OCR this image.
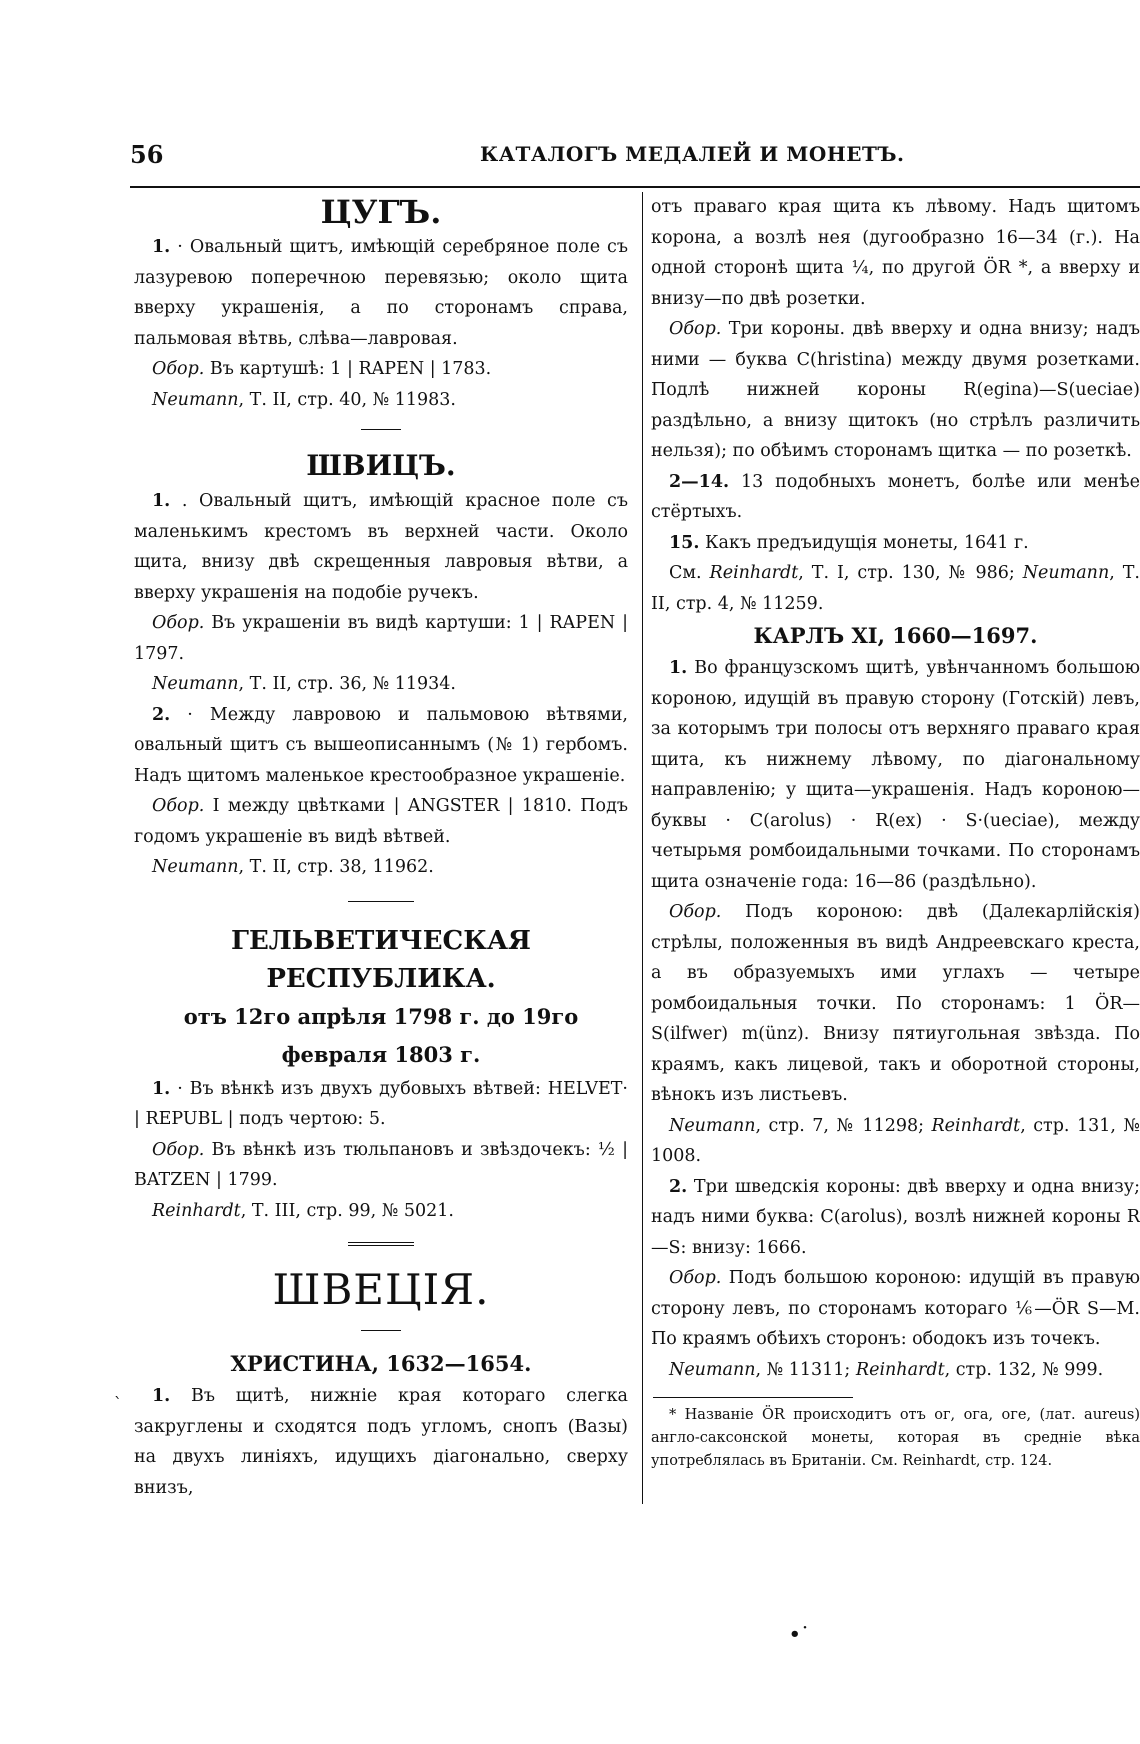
56	КАТАЛОГЪ МЕДАЛЕЙ И МОНЕТЪ.

ЦУГЪ.

1. · Овальный щитъ, имѣющій серебряное поле съ лазуревою поперечною перевязью; около щита вверху украшенія, а по сторонамъ справа, пальмовая вѣтвь, слѣва—лавровая.

Обор. Въ картушѣ: 1 | RAPEN | 1783.

Neumann, Т. II, стр. 40, № 11983.

ШВИЦЪ.

1. . Овальный щитъ, имѣющій красное поле съ маленькимъ крестомъ въ верхней части. Около щита, внизу двѣ скрещенныя лавровыя вѣтви, а вверху украшенія на подобіе ручекъ.

Обор. Въ украшеніи въ видѣ картуши: 1 | RAPEN | 1797.

Neumann, Т. II, стр. 36, № 11934.

2. · Между лавровою и пальмовою вѣтвями, овальный щитъ съ вышеописаннымъ (№ 1) гербомъ. Надъ щитомъ маленькое крестообразное украшеніе.

Обор. I между цвѣтками | ANGSTER | 1810. Подъ годомъ украшеніе въ видѣ вѣтвей.

Neumann, Т. II, стр. 38, 11962.

ГЕЛЬВЕТИЧЕСКАЯ РЕСПУБЛИКА.

отъ 12го апрѣля 1798 г. до 19го февраля 1803 г.

1. · Въ вѣнкѣ изъ двухъ дубовыхъ вѣтвей: HELVET· | REPUBL | подъ чертою: 5.

Обор. Въ вѣнкѣ изъ тюльпановъ и звѣздочекъ: ½ | BATZEN | 1799.

Reinhardt, Т. III, стр. 99, № 5021.

ШВЕЦІЯ.

ХРИСТИНА, 1632—1654.

1. Въ щитѣ, нижніе края котораго слегка закруглены и сходятся подъ угломъ, снопъ (Вазы) на двухъ линіяхъ, идущихъ діагонально, сверху внизъ,

отъ праваго края щита къ лѣвому. Надъ щитомъ корона, а возлѣ нея (дугообразно 16—34 (г.). На одной сторонѣ щита ¼, по другой ÖR *, а вверху и внизу—по двѣ розетки.

Обор. Три короны. двѣ вверху и одна внизу; надъ ними — буква C(hristina) между двумя розетками. Подлѣ нижней короны R(egina)—S(ueciae) раздѣльно, а внизу щитокъ (но стрѣлъ различить нельзя); по обѣимъ сторонамъ щитка — по розеткѣ.

2—14. 13 подобныхъ монетъ, болѣе или менѣе стёртыхъ.

15. Какъ предъидущія монеты, 1641 г.

См. Reinhardt, Т. I, стр. 130, № 986; Neumann, Т. II, стр. 4, № 11259.

КАРЛЪ XI, 1660—1697.

1. Во французскомъ щитѣ, увѣнчанномъ большою короною, идущій въ правую сторону (Готскій) левъ, за которымъ три полосы отъ верхняго праваго края щита, къ нижнему лѣвому, по діагональному направленію; у щита—украшенія. Надъ короною—буквы · C(arolus) · R(ex) · S·(ueciae), между четырьмя ромбоидальными точками. По сторонамъ щита означеніе года: 16—86 (раздѣльно).

Обор. Подъ короною: двѣ (Далекарлійскія) стрѣлы, положенныя въ видѣ Андреевскаго креста, а въ образуемыхъ ими углахъ — четыре ромбоидальныя точки. По сторонамъ: 1 ÖR—S(ilfwer) m(ünz). Внизу пятиугольная звѣзда. По краямъ, какъ лицевой, такъ и оборотной стороны, вѣнокъ изъ листьевъ.

Neumann, стр. 7, № 11298; Reinhardt, стр. 131, № 1008.

2. Три шведскія короны: двѣ вверху и одна внизу; надъ ними буква: C(arolus), возлѣ нижней короны R—S: внизу: 1666.

Обор. Подъ большою короною: идущій въ правую сторону левъ, по сторонамъ котораго ⅙—ÖR S—M. По краямъ обѣихъ сторонъ: ободокъ изъ точекъ.

Neumann, № 11311; Reinhardt, стр. 132, № 999.

* Названіе ÖR происходитъ отъ ог, ога, оге, (лат. aureus) англо-саксонской монеты, которая въ средніе вѣка употреблялась въ Британіи. См. Reinhardt, стр. 124.

`
•˙
